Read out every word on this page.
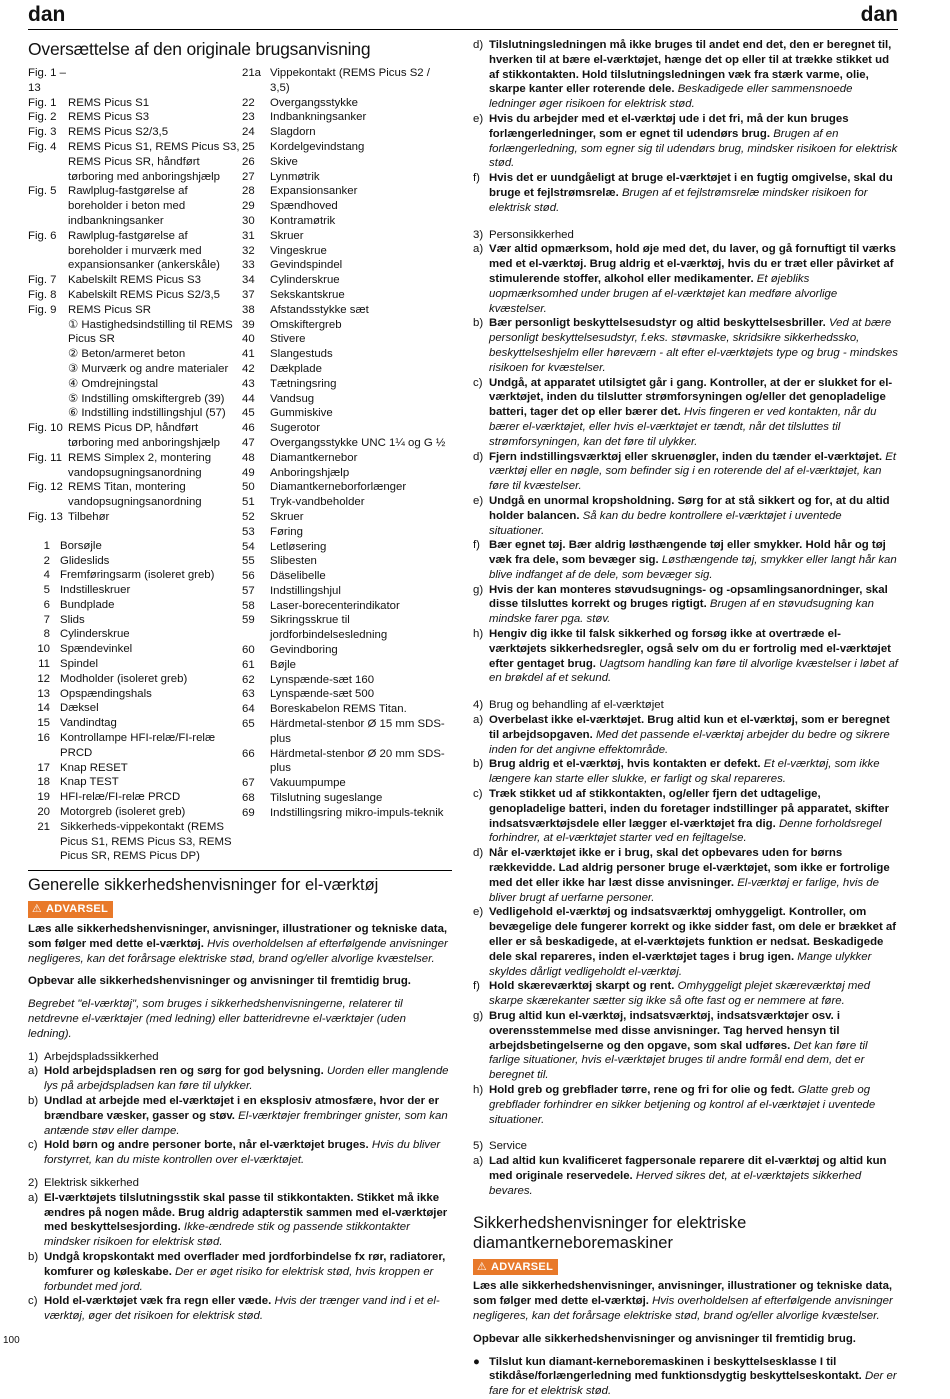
dan	dan
Oversættelse af den originale brugsanvisning
Fig. 1 – 13
Fig. 1	REMS Picus S1
Fig. 2	REMS Picus S3
Fig. 3	REMS Picus S2/3,5
Fig. 4	REMS Picus S1, REMS Picus S3, REMS Picus SR, håndført tørboring med anboringshjælp
Fig. 5	Rawlplug-fastgørelse af boreholder i beton med indbankningsanker
Fig. 6	Rawlplug-fastgørelse af boreholder i murværk med expansionsanker (ankerskåle)
Fig. 7	Kabelskilt REMS Picus S3
Fig. 8	Kabelskilt REMS Picus S2/3,5
Fig. 9	REMS Picus SR
① Hastighedsindstilling til REMS Picus SR
② Beton/armeret beton
③ Murværk og andre materialer
④ Omdrejningstal
⑤ Indstilling omskiftergreb (39)
⑥ Indstilling indstillingshjul (57)
Fig. 10 REMS Picus DP, håndført tørboring med anboringshjælp
Fig. 11 REMS Simplex 2, montering vandopsugningsanordning
Fig. 12 REMS Titan, montering vandopsugningsanordning
Fig. 13 Tilbehør
1 Borsøjle
2 Glideslids
4 Fremføringsarm (isoleret greb)
5 Indstilleskruer
6 Bundplade
7 Slids
8 Cylinderskrue
10 Spændevinkel
11 Spindel
12 Modholder (isoleret greb)
13 Opspændingshals
14 Dæksel
15 Vandindtag
16 Kontrollampe HFI-relæ/FI-relæ PRCD
17 Knap RESET
18 Knap TEST
19 HFI-relæ/FI-relæ PRCD
20 Motorgreb (isoleret greb)
21 Sikkerheds-vippekontakt (REMS Picus S1, REMS Picus S3, REMS Picus SR, REMS Picus DP)
21a Vippekontakt (REMS Picus S2 / 3,5)
22	Overgangsstykke
23	Indbankningsanker
24	Slagdorn
25	Kordelgevindstang
26	Skive
27	Lynmøtrik
28	Expansionsanker
29	Spændhoved
30	Kontramøtrik
31	Skruer
32	Vingeskrue
33	Gevindspindel
34	Cylinderskrue
37	Sekskantskrue
38	Afstandsstykke sæt
39	Omskiftergreb
40	Stivere
41	Slangestuds
42	Dækplade
43	Tætningsring
44	Vandsug
45	Gummiskive
46	Sugerotor
47	Overgangsstykke UNC 1¼ og G ½
48	Diamantkernebor
49	Anboringshjælp
50	Diamantkerneborforlænger
51	Tryk-vandbeholder
52	Skruer
53	Føring
54	Letløsering
55	Slibesten
56	Däselibelle
57	Indstillingshjul
58	Laser-borecenterindikator
59	Sikringsskrue til jordforbindelsesledning
60	Gevindboring
61	Bøjle
62	Lynspænde-sæt 160
63	Lynspænde-sæt 500
64	Boreskabelon REMS Titan.
65	Härdmetal-stenbor Ø 15 mm SDS-plus
66	Härdmetal-stenbor Ø 20 mm SDS-plus
67	Vakuumpumpe
68	Tilslutning sugeslange
69	Indstillingsring mikro-impuls-teknik
Generelle sikkerhedshenvisninger for el-værktøj
⚠ ADVARSEL

Læs alle sikkerhedshenvisninger, anvisninger, illustrationer og tekniske data, som følger med dette el-værktøj. Hvis overholdelsen af efterfølgende anvisninger negligeres, kan det forårsage elektriske stød, brand og/eller alvorlige kvæstelser.

Opbevar alle sikkerhedshenvisninger og anvisninger til fremtidig brug.

Begrebet "el-værktøj", som bruges i sikkerhedshenvisningerne, relaterer til netdrevne el-værktøjer (med ledning) eller batteridrevne el-værktøjer (uden ledning).

1) Arbejdspladssikkerhed
a) Hold arbejdspladsen ren og sørg for god belysning. Uorden eller manglende lys på arbejdspladsen kan føre til ulykker.
b) Undlad at arbejde med el-værktøjet i en eksplosiv atmosfære, hvor der er brændbare væsker, gasser og støv. El-værktøjer frembringer gnister, som kan antænde støv eller dampe.
c) Hold børn og andre personer borte, når el-værktøjet bruges. Hvis du bliver forstyrret, kan du miste kontrollen over el-værktøjet.
2) Elektrisk sikkerhed
a) El-værktøjets tilslutningsstik skal passe til stikkontakten. Stikket må ikke ændres på nogen måde. Brug aldrig adapterstik sammen med el-værktøjer med beskyttelsesjording. Ikke-ændrede stik og passende stikkontakter mindsker risikoen for elektrisk stød.
b) Undgå kropskontakt med overflader med jordforbindelse fx rør, radiatorer, komfurer og køleskabe. Der er øget risiko for elektrisk stød, hvis kroppen er forbundet med jord.
c) Hold el-værktøjet væk fra regn eller væde. Hvis der trænger vand ind i et el-værktøj, øger det risikoen for elektrisk stød.
d) Tilslutningsledningen må ikke bruges til andet end det, den er beregnet til, hverken til at bære el-værktøjet, hænge det op eller til at trække stikket ud af stikkontakten. Hold tilslutningsledningen væk fra stærk varme, olie, skarpe kanter eller roterende dele. Beskadigede eller sammensnoede ledninger øger risikoen for elektrisk stød.
e) Hvis du arbejder med et el-værktøj ude i det fri, må der kun bruges forlængerledninger, som er egnet til udendørs brug. Brugen af en forlængerledning, som egner sig til udendørs brug, mindsker risikoen for elektrisk stød.
f) Hvis det er uundgåeligt at bruge el-værktøjet i en fugtig omgivelse, skal du bruge et fejlstrømsrelæ. Brugen af et fejlstrømsrelæ mindsker risikoen for elektrisk stød.
3) Personsikkerhed
a) Vær altid opmærksom, hold øje med det, du laver, og gå fornuftigt til værks med et el-værktøj. Brug aldrig et el-værktøj, hvis du er træt eller påvirket af stimulerende stoffer, alkohol eller medikamenter. Et øjebliks uopmærksomhed under brugen af el-værktøjet kan medføre alvorlige kvæstelser.
b) Bær personligt beskyttelsesudstyr og altid beskyttelsesbriller. Ved at bære personligt beskyttelsesudstyr, f.eks. støvmaske, skridsikre sikkerhedssko, beskyttelseshjelm eller høreværn - alt efter el-værktøjets type og brug - mindskes risikoen for kvæstelser.
c) Undgå, at apparatet utilsigtet går i gang. Kontroller, at der er slukket for el-værktøjet, inden du tilslutter strømforsyningen og/eller det genopladelige batteri, tager det op eller bærer det. Hvis fingeren er ved kontakten, når du bærer el-værktøjet, eller hvis el-værktøjet er tændt, når det tilsluttes til strømforsyningen, kan det føre til ulykker.
d) Fjern indstillingsværktøj eller skruenøgler, inden du tænder el-værktøjet. Et værktøj eller en nøgle, som befinder sig i en roterende del af el-værktøjet, kan føre til kvæstelser.
e) Undgå en unormal kropsholdning. Sørg for at stå sikkert og for, at du altid holder balancen. Så kan du bedre kontrollere el-værktøjet i uventede situationer.
f) Bær egnet tøj. Bær aldrig løsthængende tøj eller smykker. Hold hår og tøj væk fra dele, som bevæger sig. Løsthængende tøj, smykker eller langt hår kan blive indfanget af de dele, som bevæger sig.
g) Hvis der kan monteres støvudsugnings- og -opsamlingsanordninger, skal disse tilsluttes korrekt og bruges rigtigt. Brugen af en støvudsugning kan mindske farer pga. støv.
h) Hengiv dig ikke til falsk sikkerhed og forsøg ikke at overtræde el-værktøjets sikkerhedsregler, også selv om du er fortrolig med el-værktøjet efter gentaget brug. Uagtsom handling kan føre til alvorlige kvæstelser i løbet af en brøkdel af et sekund.
4) Brug og behandling af el-værktøjet
a) Overbelast ikke el-værktøjet. Brug altid kun et el-værktøj, som er beregnet til arbejdsopgaven. Med det passende el-værktøj arbejder du bedre og sikrere inden for det angivne effektområde.
b) Brug aldrig et el-værktøj, hvis kontakten er defekt. Et el-værktøj, som ikke længere kan starte eller slukke, er farligt og skal repareres.
c) Træk stikket ud af stikkontakten, og/eller fjern det udtagelige, genopladelige batteri, inden du foretager indstillinger på apparatet, skifter indsatsværktøjsdele eller lægger el-værktøjet fra dig. Denne forholdsregel forhindrer, at el-værktøjet starter ved en fejltagelse.
d) Når el-værktøjet ikke er i brug, skal det opbevares uden for børns rækkevidde. Lad aldrig personer bruge el-værktøjet, som ikke er fortrolige med det eller ikke har læst disse anvisninger. El-værktøj er farlige, hvis de bliver brugt af uerfarne personer.
e) Vedligehold el-værktøj og indsatsværktøj omhyggeligt. Kontroller, om bevægelige dele fungerer korrekt og ikke sidder fast, om dele er brækket af eller er så beskadigede, at el-værktøjets funktion er nedsat. Beskadigede dele skal repareres, inden el-værktøjet tages i brug igen. Mange ulykker skyldes dårligt vedligeholdt el-værktøj.
f) Hold skæreværktøj skarpt og rent. Omhyggeligt plejet skæreværktøj med skarpe skærekanter sætter sig ikke så ofte fast og er nemmere at føre.
g) Brug altid kun el-værktøj, indsatsværktøj, indsatsværktøjer osv. i overensstemmelse med disse anvisninger. Tag herved hensyn til arbejdsbetingelserne og den opgave, som skal udføres. Det kan føre til farlige situationer, hvis el-værktøjet bruges til andre formål end dem, det er beregnet til.
h) Hold greb og grebflader tørre, rene og fri for olie og fedt. Glatte greb og grebflader forhindrer en sikker betjening og kontrol af el-værktøjet i uventede situationer.
5) Service
a) Lad altid kun kvalificeret fagpersonale reparere dit el-værktøj og altid kun med originale reservedele. Herved sikres det, at el-værktøjets sikkerhed bevares.
Sikkerhedshenvisninger for elektriske diamantkerneboremaskiner
⚠ ADVARSEL

Læs alle sikkerhedshenvisninger, anvisninger, illustrationer og tekniske data, som følger med dette el-værktøj. Hvis overholdelsen af efterfølgende anvisninger negligeres, kan det forårsage elektriske stød, brand og/eller alvorlige kvæstelser.

Opbevar alle sikkerhedshenvisninger og anvisninger til fremtidig brug.

● Tilslut kun diamant-kerneboremaskinen i beskyttelsesklasse I til stikdåse/forlængerledning med funktionsdygtig beskyttelseskontakt. Der er fare for et elektrisk stød.
100
